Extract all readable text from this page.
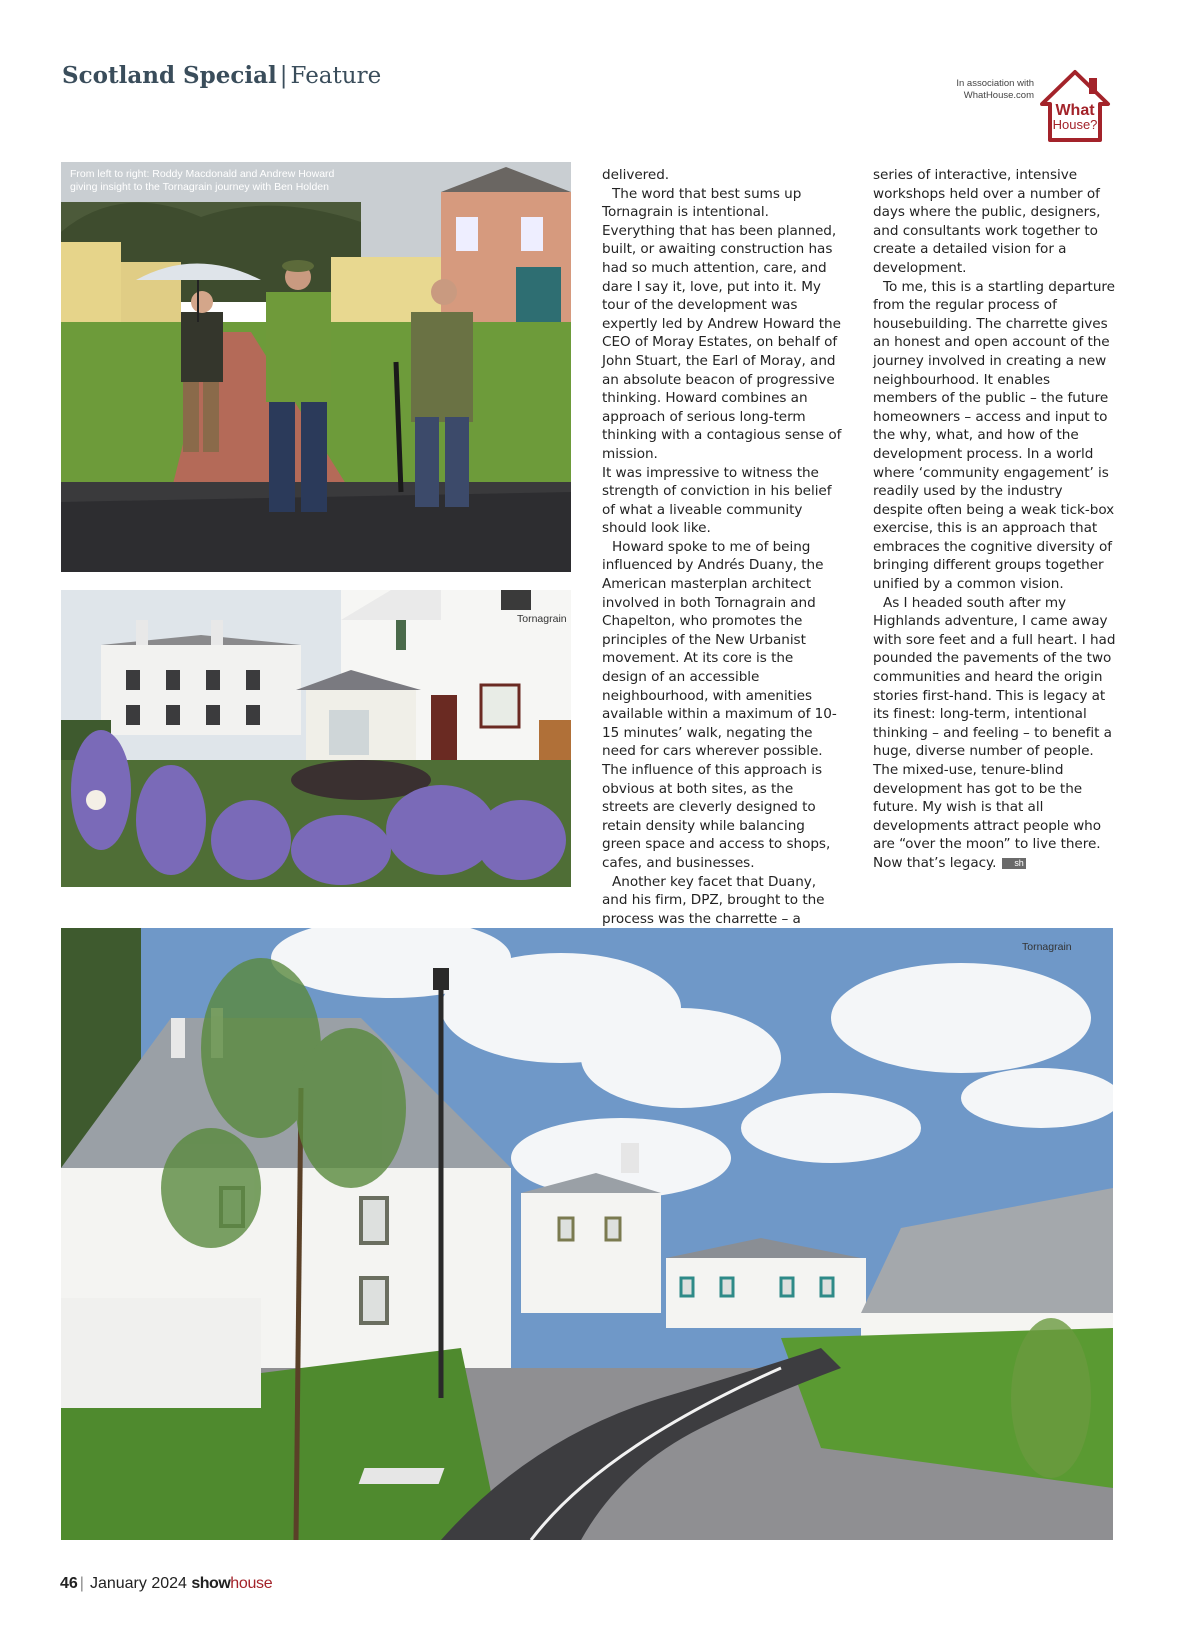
Scotland Special | Feature	In association with
WhatHouse.com
What
House?
From left to right: Roddy Macdonald and Andrew Howard
giving insight to the Tornagrain journey with Ben Holden
Tornagrain

delivered.

The word that best sums up Tornagrain is intentional. Everything that has been planned, built, or awaiting construction has had so much attention, care, and dare I say it, love, put into it. My tour of the development was expertly led by Andrew Howard the CEO of Moray Estates, on behalf of John Stuart, the Earl of Moray, and an absolute beacon of progressive thinking. Howard combines an approach of serious long-term thinking with a contagious sense of mission.

It was impressive to witness the strength of conviction in his belief of what a liveable community should look like.

Howard spoke to me of being influenced by Andrés Duany, the American masterplan architect involved in both Tornagrain and Chapelton, who promotes the principles of the New Urbanist movement. At its core is the design of an accessible neighbourhood, with amenities available within a maximum of 10-15 minutes’ walk, negating the need for cars wherever possible. The influence of this approach is obvious at both sites, as the streets are cleverly designed to retain density while balancing green space and access to shops, cafes, and businesses.

Another key facet that Duany, and his firm, DPZ, brought to the process was the charrette – a

series of interactive, intensive workshops held over a number of days where the public, designers, and consultants work together to create a detailed vision for a development.

To me, this is a startling departure from the regular process of housebuilding. The charrette gives an honest and open account of the journey involved in creating a new neighbourhood. It enables members of the public – the future homeowners – access and input to the why, what, and how of the development process. In a world where ‘community engagement’ is readily used by the industry despite often being a weak tick-box exercise, this is an approach that embraces the cognitive diversity of bringing different groups together unified by a common vision.

As I headed south after my Highlands adventure, I came away with sore feet and a full heart. I had pounded the pavements of the two communities and heard the origin stories first-hand. This is legacy at its finest: long-term, intentional thinking – and feeling – to benefit a huge, diverse number of people. The mixed-use, tenure-blind development has got to be the future. My wish is that all developments attract people who are “over the moon” to live there. Now that’s legacy. sh

Tornagrain
46 | January 2024 showhouse
